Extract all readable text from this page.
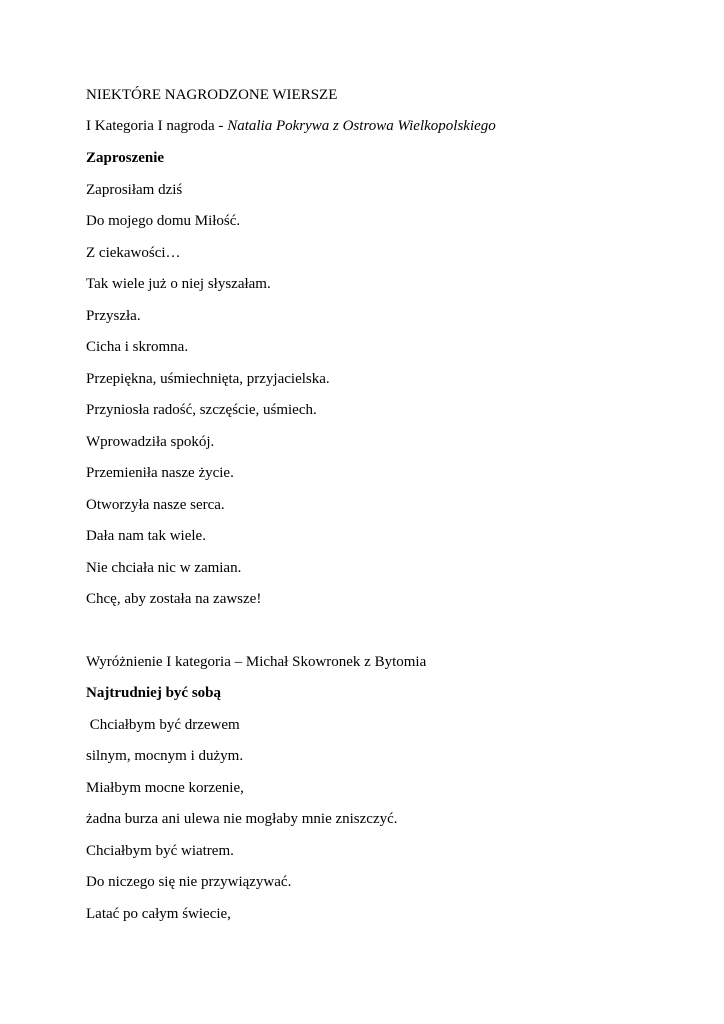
NIEKTÓRE NAGRODZONE WIERSZE
I Kategoria I nagroda - Natalia Pokrywa z Ostrowa Wielkopolskiego
Zaproszenie
Zaprosiłam dziś
Do mojego domu Miłość.
Z ciekawości…
Tak wiele już o niej słyszałam.
Przyszła.
Cicha i skromna.
Przepiękna, uśmiechnięta, przyjacielska.
Przyniosła radość, szczęście, uśmiech.
Wprowadziła spokój.
Przemieniła nasze życie.
Otworzyła nasze serca.
Dała nam tak wiele.
Nie chciała nic w zamian.
Chcę, aby została na zawsze!
Wyróżnienie I kategoria – Michał Skowronek z Bytomia
Najtrudniej być sobą
Chciałbym być drzewem
silnym, mocnym i dużym.
Miałbym mocne korzenie,
żadna burza ani ulewa nie mogłaby mnie zniszczyć.
Chciałbym być wiatrem.
Do niczego się nie przywiązywać.
Latać po całym świecie,
